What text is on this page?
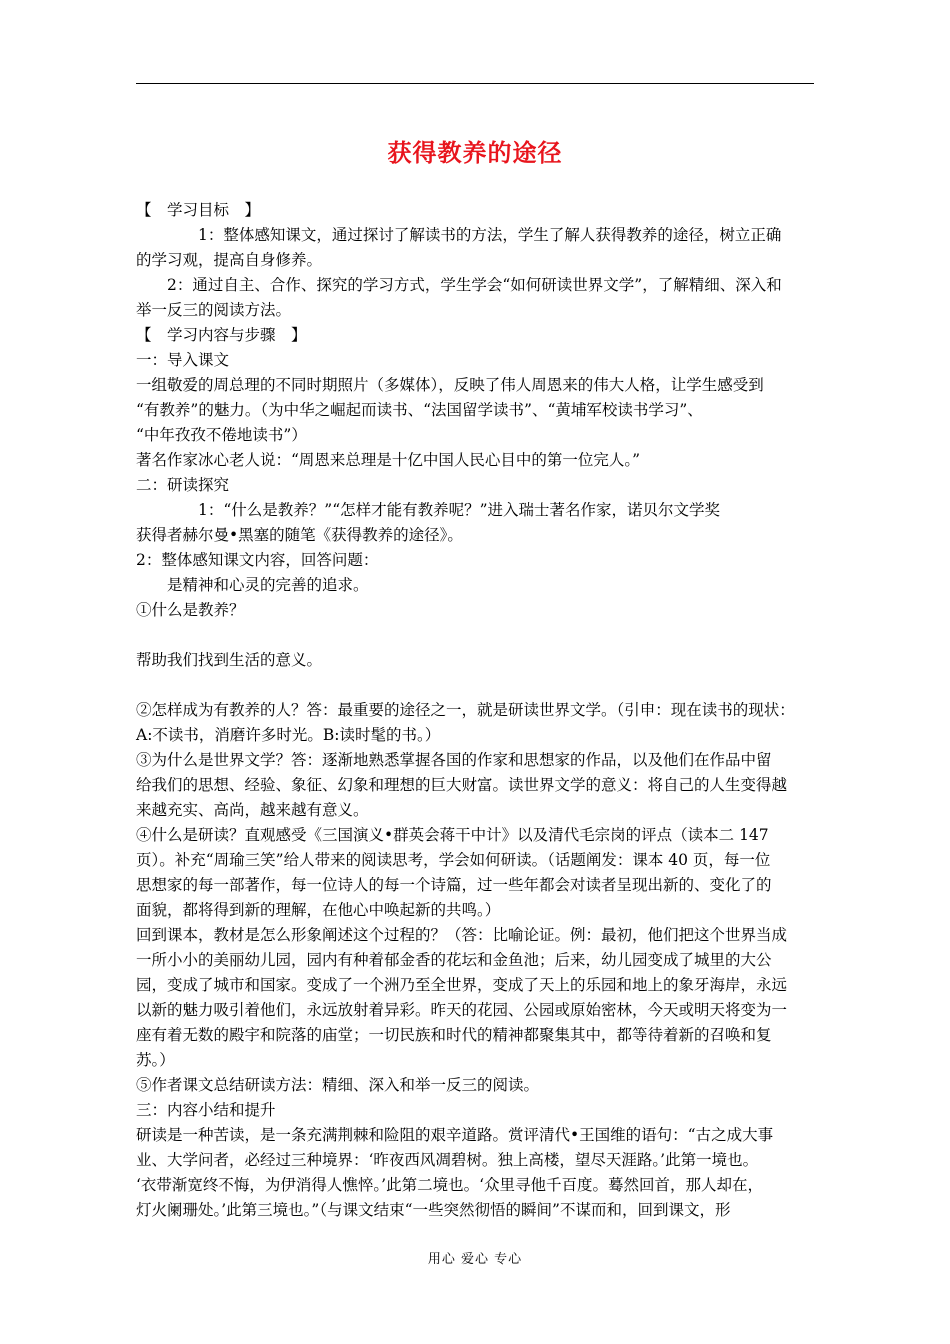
获得教养的途径
【　学习目标　】
　　　　1：整体感知课文，通过探讨了解读书的方法，学生了解人获得教养的途径，树立正确
的学习观，提高自身修养。
　　2：通过自主、合作、探究的学习方式，学生学会“如何研读世界文学”，了解精细、深入和
举一反三的阅读方法。
【　学习内容与步骤　】
一：导入课文
一组敬爱的周总理的不同时期照片（多媒体），反映了伟人周恩来的伟大人格，让学生感受到
“有教养”的魅力。（为中华之崛起而读书、“法国留学读书”、“黄埔军校读书学习”、
“中年孜孜不倦地读书”）
著名作家冰心老人说：“周恩来总理是十亿中国人民心目中的第一位完人。”
二：研读探究
　　　　1：“什么是教养？”“怎样才能有教养呢？”进入瑞士著名作家，诺贝尔文学奖
获得者赫尔曼•黑塞的随笔《获得教养的途径》。
2：整体感知课文内容，回答问题：
　　是精神和心灵的完善的追求。
①什么是教养？
帮助我们找到生活的意义。
②怎样成为有教养的人？答：最重要的途径之一，就是研读世界文学。（引申：现在读书的现状：
A:不读书，消磨许多时光。B:读时髦的书。）
③为什么是世界文学？答：逐渐地熟悉掌握各国的作家和思想家的作品，以及他们在作品中留
给我们的思想、经验、象征、幻象和理想的巨大财富。读世界文学的意义：将自己的人生变得越
来越充实、高尚，越来越有意义。
④什么是研读？直观感受《三国演义•群英会蒋干中计》以及清代毛宗岗的评点（读本二 147
页）。补充“周瑜三笑”给人带来的阅读思考，学会如何研读。（话题阐发：课本 40 页，每一位
思想家的每一部著作，每一位诗人的每一个诗篇，过一些年都会对读者呈现出新的、变化了的
面貌，都将得到新的理解，在他心中唤起新的共鸣。）
回到课本，教材是怎么形象阐述这个过程的？（答：比喻论证。例：最初，他们把这个世界当成
一所小小的美丽幼儿园，园内有种着郁金香的花坛和金鱼池；后来，幼儿园变成了城里的大公
园，变成了城市和国家。变成了一个洲乃至全世界，变成了天上的乐园和地上的象牙海岸，永远
以新的魅力吸引着他们，永远放射着异彩。昨天的花园、公园或原始密林，今天或明天将变为一
座有着无数的殿宇和院落的庙堂；一切民族和时代的精神都聚集其中，都等待着新的召唤和复
苏。）
⑤作者课文总结研读方法：精细、深入和举一反三的阅读。
三：内容小结和提升
研读是一种苦读，是一条充满荆棘和险阻的艰辛道路。赏评清代•王国维的语句：“古之成大事
业、大学问者，必经过三种境界：‘昨夜西风凋碧树。独上高楼，望尽天涯路。’此第一境也。
‘衣带渐宽终不悔，为伊消得人憔悴。’此第二境也。‘众里寻他千百度。蓦然回首，那人却在，
灯火阑珊处。’此第三境也。”（与课文结束“一些突然彻悟的瞬间”不谋而和，回到课文，形
用心 爱心 专心
